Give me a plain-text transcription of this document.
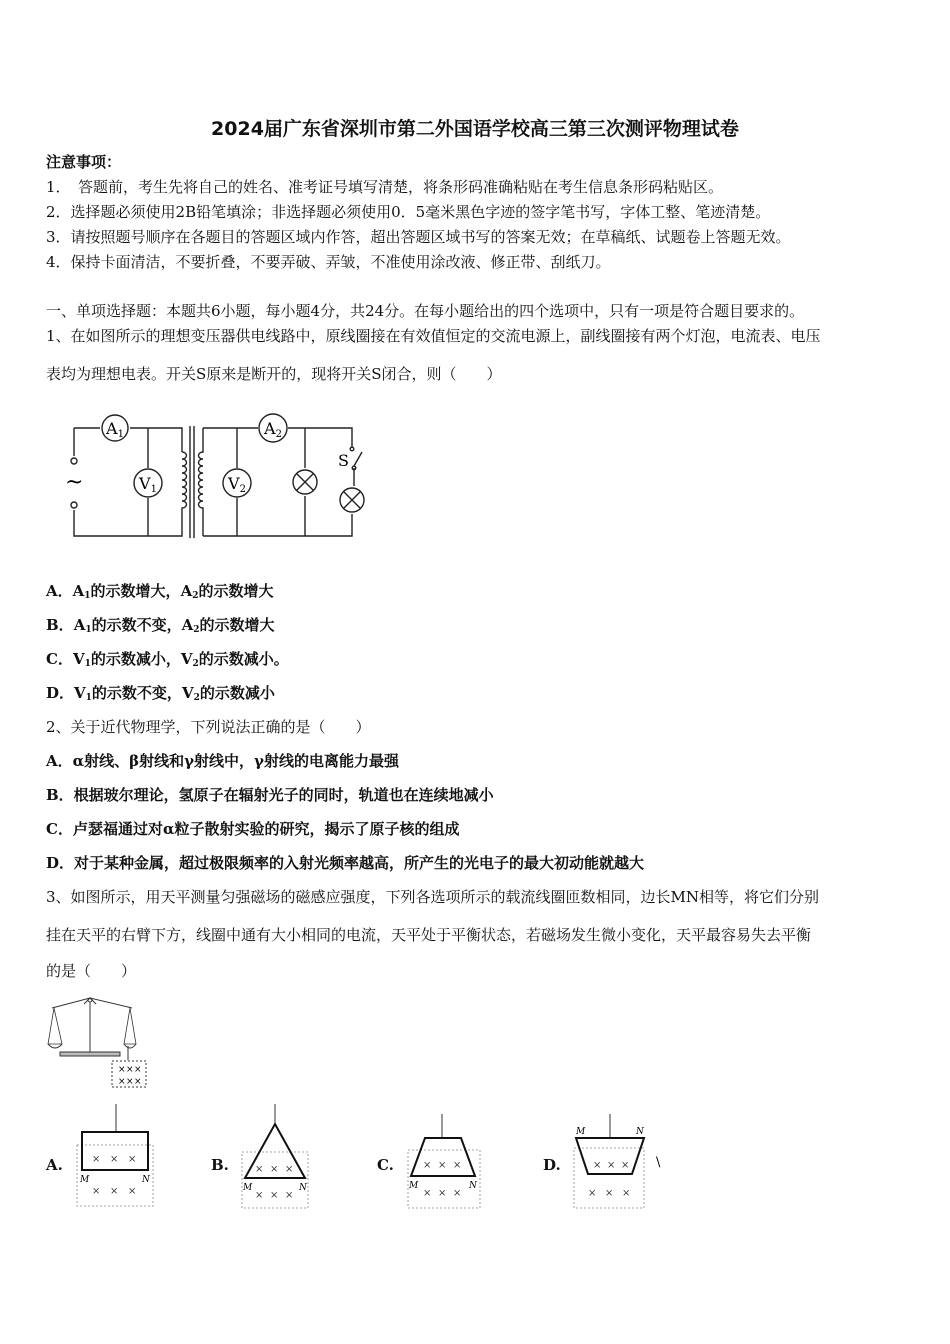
2024届广东省深圳市第二外国语学校高三第三次测评物理试卷
注意事项：
1．　答题前，考生先将自己的姓名、准考证号填写清楚，将条形码准确粘贴在考生信息条形码粘贴区。
2．选择题必须使用2B铅笔填涂；非选择题必须使用0．5毫米黑色字迹的签字笔书写，字体工整、笔迹清楚。
3．请按照题号顺序在各题目的答题区域内作答，超出答题区域书写的答案无效；在草稿纸、试题卷上答题无效。
4．保持卡面清洁，不要折叠，不要弄破、弄皱，不准使用涂改液、修正带、刮纸刀。
一、单项选择题：本题共6小题，每小题4分，共24分。在每小题给出的四个选项中，只有一项是符合题目要求的。
1、在如图所示的理想变压器供电线路中，原线圈接在有效值恒定的交流电源上，副线圈接有两个灯泡，电流表、电压
表均为理想电表。开关S原来是断开的，现将开关S闭合，则（　　）
~
A1
V1
A2
V2
S
A．$A_1$的示数增大，$A_2$的示数增大
B．$A_1$的示数不变，$A_2$的示数增大
C．$V_1$的示数减小，$V_2$的示数减小。
D．$V_1$的示数不变，$V_2$的示数减小
2、关于近代物理学，下列说法正确的是（　　）
A．α射线、β射线和γ射线中，γ射线的电离能力最强
B．根据玻尔理论，氢原子在辐射光子的同时，轨道也在连续地减小
C．卢瑟福通过对α粒子散射实验的研究，揭示了原子核的组成
D．对于某种金属，超过极限频率的入射光频率越高，所产生的光电子的最大初动能就越大
3、如图所示，用天平测量匀强磁场的磁感应强度，下列各选项所示的载流线圈匝数相同，边长MN相等，将它们分别
挂在天平的右臂下方，线圈中通有大小相同的电流，天平处于平衡状态，若磁场发生微小变化，天平最容易失去平衡
的是（　　）
× × ×
× × ×
A.	B.	C.	D.
× × ×
× × ×
M	N
× × ×
× × ×
M	N
× × ×
× × ×
M	N
× × ×
× × ×
M	N
\
